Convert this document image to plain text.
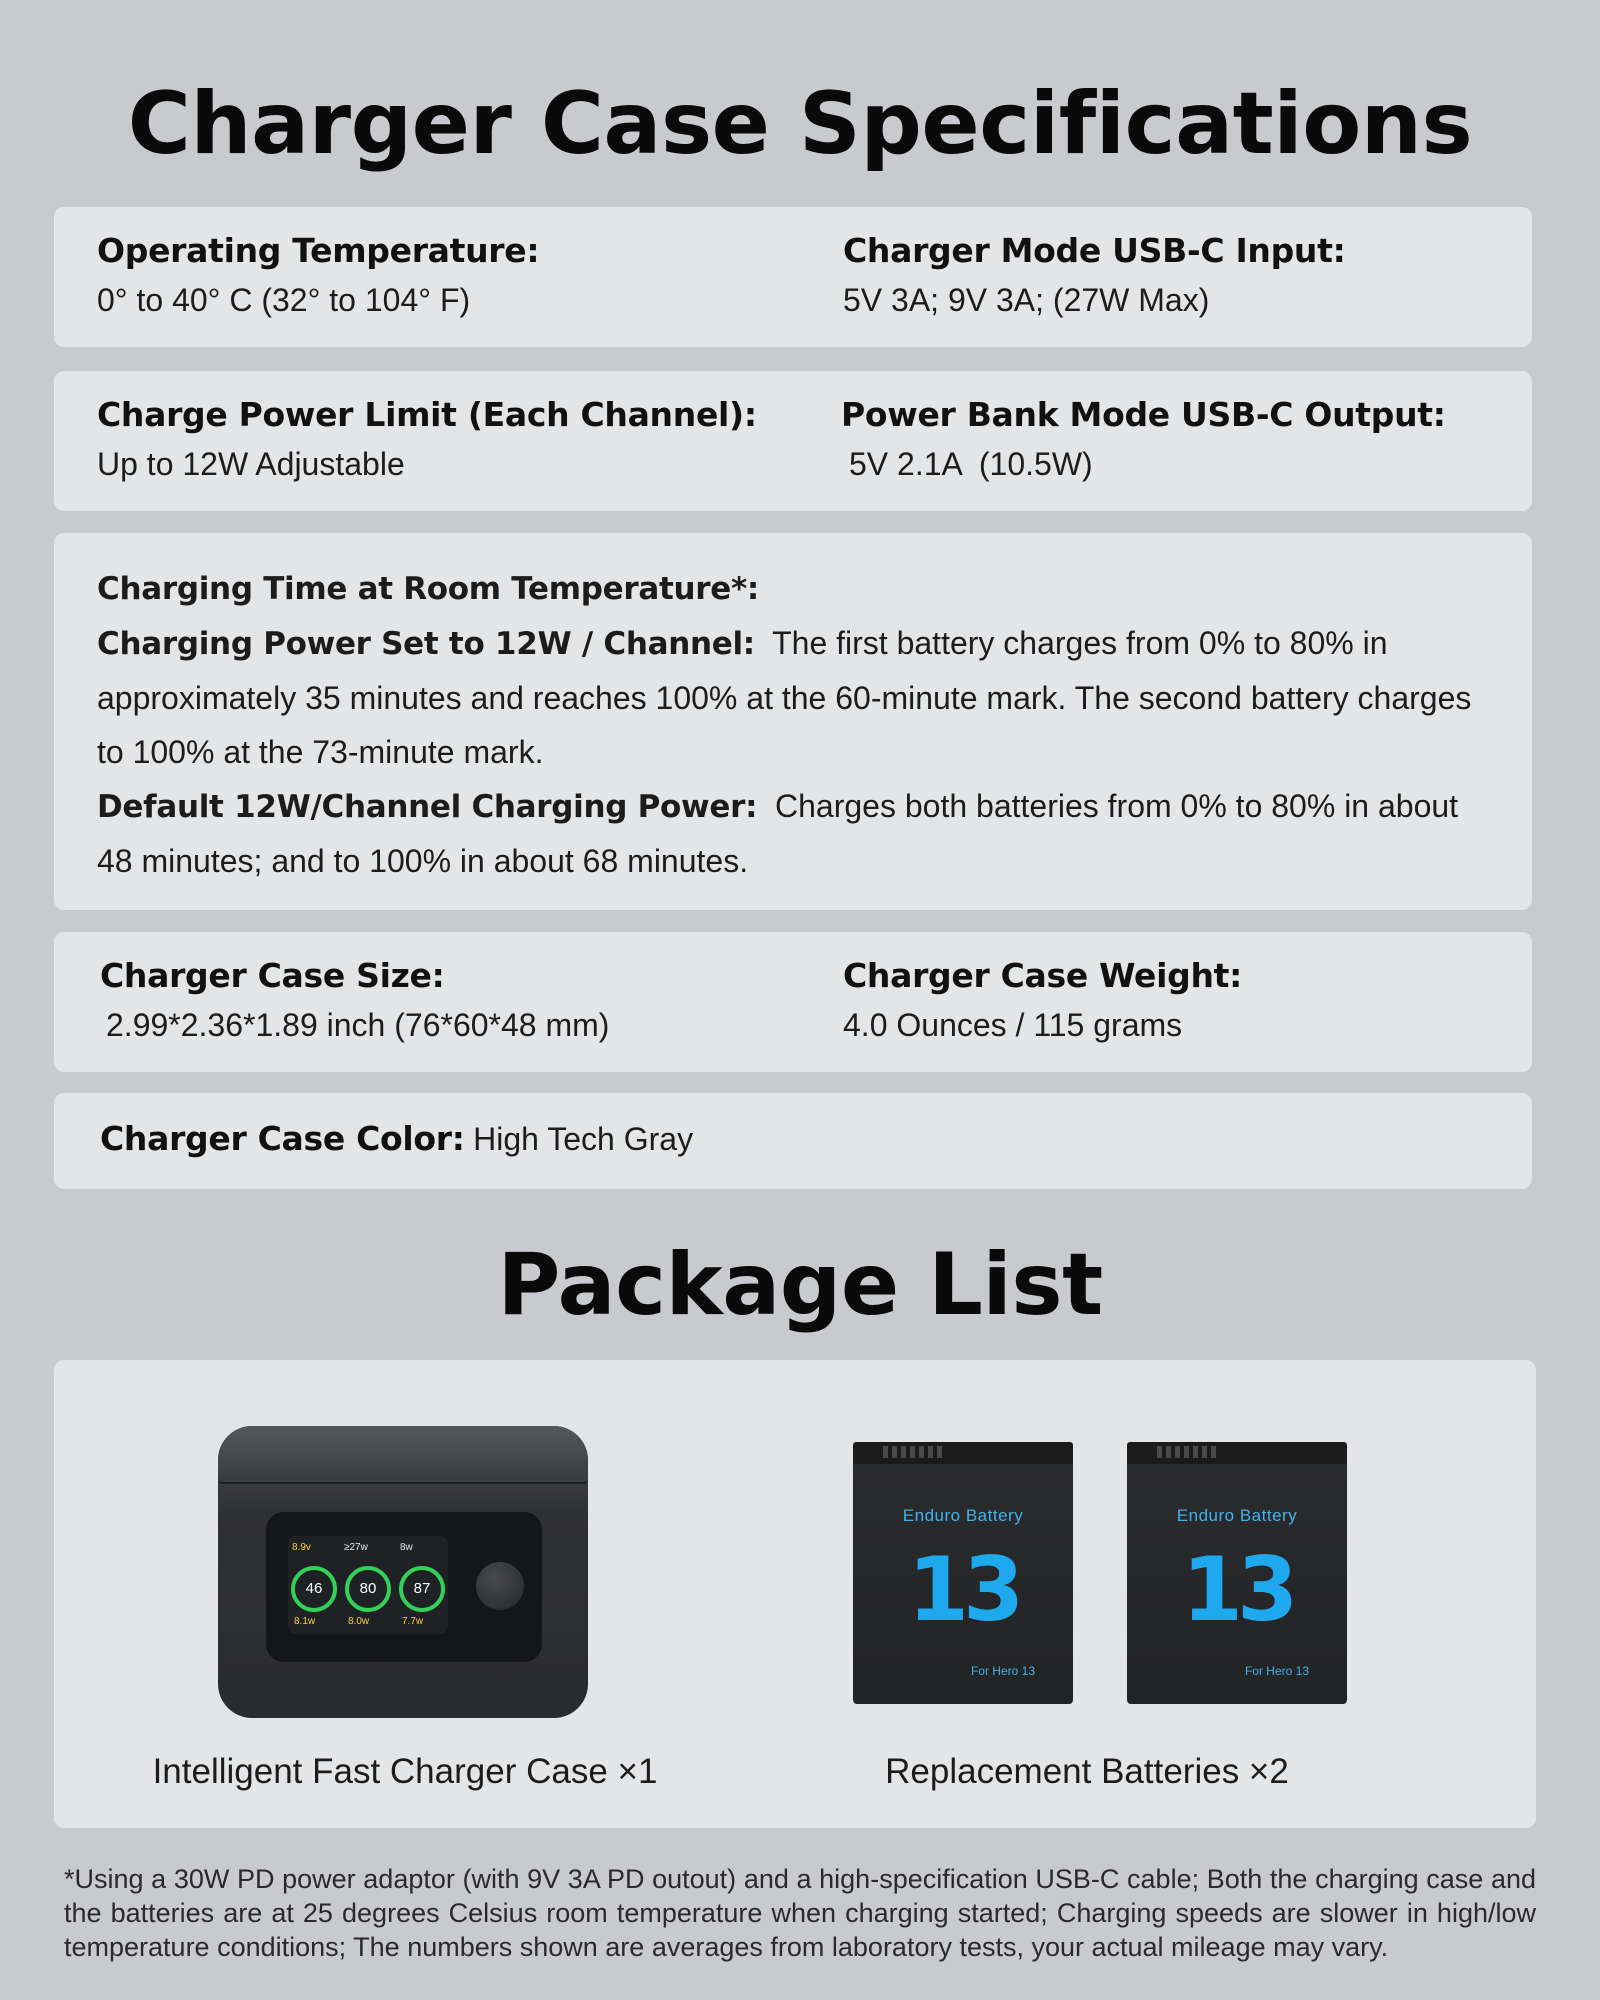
Charger Case Specifications
Operating Temperature:
0° to 40° C (32° to 104° F)
Charger Mode USB-C Input:
5V 3A; 9V 3A; (27W Max)
Charge Power Limit (Each Channel):
Up to 12W Adjustable
Power Bank Mode USB-C Output:
5V 2.1A  (10.5W)
Charging Time at Room Temperature*:
Charging Power Set to 12W / Channel: The first battery charges from 0% to 80% in approximately 35 minutes and reaches 100% at the 60-minute mark. The second battery charges to 100% at the 73-minute mark.
Default 12W/Channel Charging Power: Charges both batteries from 0% to 80% in about 48 minutes; and to 100% in about 68 minutes.
Charger Case Size:
2.99*2.36*1.89 inch (76*60*48 mm)
Charger Case Weight:
4.0 Ounces / 115 grams
Charger Case Color: High Tech Gray
Package List
8.9v	≥27w	8w
46	80	87
8.1w	8.0w	7.7w
Enduro Battery
13
For Hero 13
Enduro Battery
13
For Hero 13
Intelligent Fast Charger Case ×1	Replacement Batteries ×2
*Using a 30W PD power adaptor (with 9V 3A PD outout) and a high-specification USB-C cable; Both the charging case and the batteries are at 25 degrees Celsius room temperature when charging started; Charging speeds are slower in high/low temperature conditions; The numbers shown are averages from laboratory tests, your actual mileage may vary.
